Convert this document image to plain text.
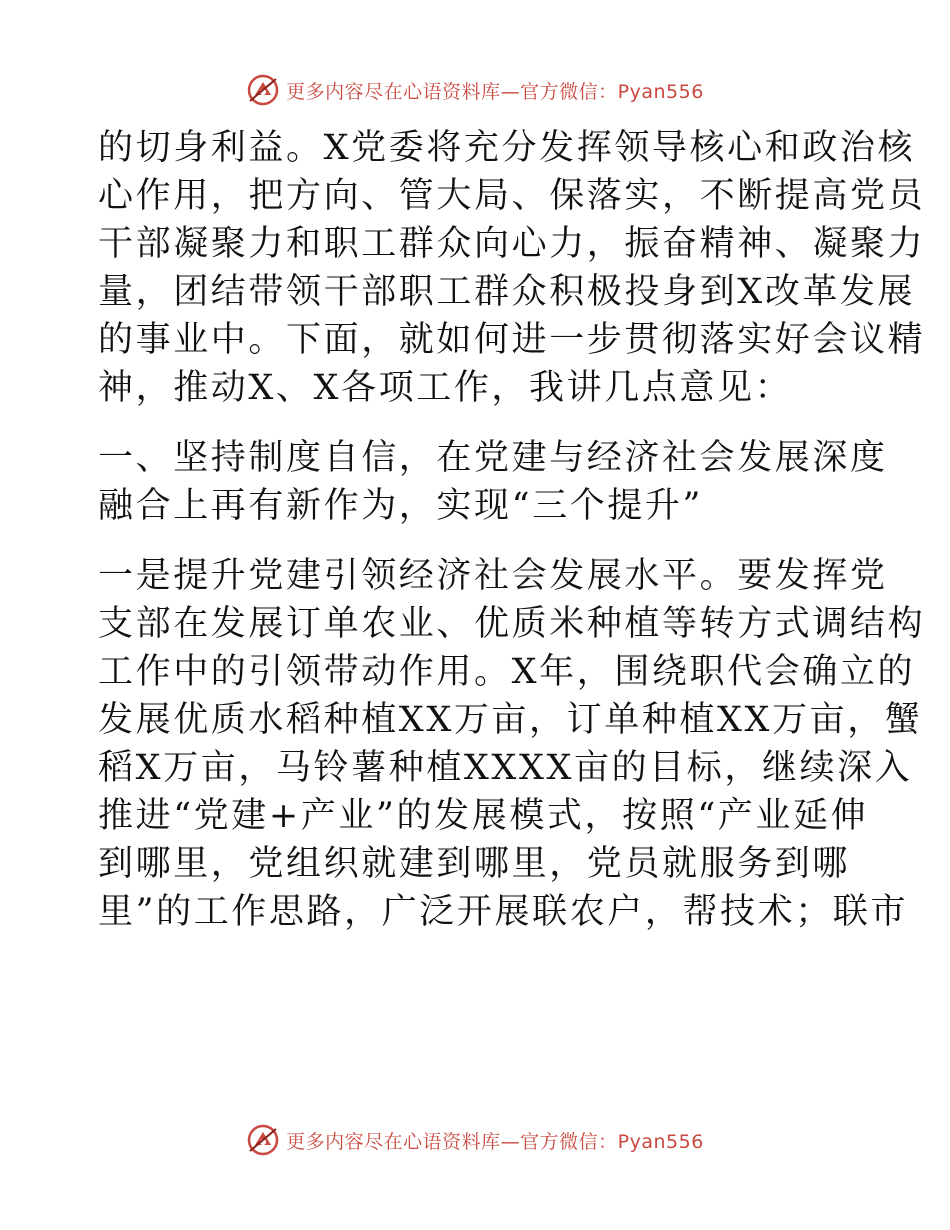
更多内容尽在心语资料库—官方微信：Pyan556
的切身利益。X党委将充分发挥领导核心和政治核
心作用，把方向、管大局、保落实，不断提高党员
干部凝聚力和职工群众向心力，振奋精神、凝聚力
量，团结带领干部职工群众积极投身到X改革发展
的事业中。下面，就如何进一步贯彻落实好会议精
神，推动X、X各项工作，我讲几点意见：
一、坚持制度自信，在党建与经济社会发展深度
融合上再有新作为，实现“三个提升”
一是提升党建引领经济社会发展水平。要发挥党
支部在发展订单农业、优质米种植等转方式调结构
工作中的引领带动作用。X年，围绕职代会确立的
发展优质水稻种植XX万亩，订单种植XX万亩，蟹
稻X万亩，马铃薯种植XXXX亩的目标，继续深入
推进“党建+产业”的发展模式，按照“产业延伸
到哪里，党组织就建到哪里，党员就服务到哪
里”的工作思路，广泛开展联农户，帮技术；联市
更多内容尽在心语资料库—官方微信：Pyan556
